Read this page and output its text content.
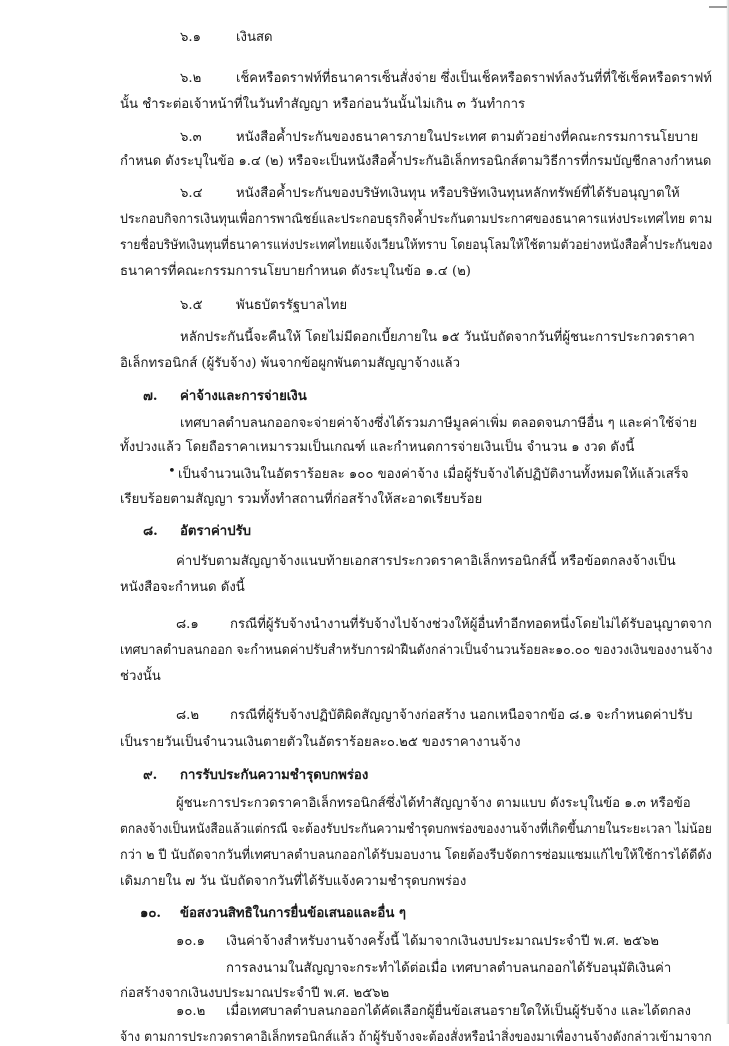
๖.๑	เงินสด
๖.๒	เช็คหรือดราฟท์ที่ธนาคารเซ็นสั่งจ่าย ซึ่งเป็นเช็คหรือดราฟท์ลงวันที่ที่ใช้เช็คหรือดราฟท์
นั้น ชำระต่อเจ้าหน้าที่ในวันทำสัญญา หรือก่อนวันนั้นไม่เกิน ๓ วันทำการ
๖.๓	หนังสือค้ำประกันของธนาคารภายในประเทศ ตามตัวอย่างที่คณะกรรมการนโยบาย
กำหนด ดังระบุในข้อ ๑.๔ (๒) หรือจะเป็นหนังสือค้ำประกันอิเล็กทรอนิกส์ตามวิธีการที่กรมบัญชีกลางกำหนด
๖.๔	หนังสือค้ำประกันของบริษัทเงินทุน หรือบริษัทเงินทุนหลักทรัพย์ที่ได้รับอนุญาตให้
ประกอบกิจการเงินทุนเพื่อการพาณิชย์และประกอบธุรกิจค้ำประกันตามประกาศของธนาคารแห่งประเทศไทย ตาม
รายชื่อบริษัทเงินทุนที่ธนาคารแห่งประเทศไทยแจ้งเวียนให้ทราบ โดยอนุโลมให้ใช้ตามตัวอย่างหนังสือค้ำประกันของ
ธนาคารที่คณะกรรมการนโยบายกำหนด ดังระบุในข้อ ๑.๔ (๒)
๖.๕	พันธบัตรรัฐบาลไทย
หลักประกันนี้จะคืนให้ โดยไม่มีดอกเบี้ยภายใน ๑๕ วันนับถัดจากวันที่ผู้ชนะการประกวดราคา
อิเล็กทรอนิกส์ (ผู้รับจ้าง) พ้นจากข้อผูกพันตามสัญญาจ้างแล้ว
๗. ค่าจ้างและการจ่ายเงิน
เทศบาลตำบลนกออกจะจ่ายค่าจ้างซึ่งได้รวมภาษีมูลค่าเพิ่ม ตลอดจนภาษีอื่น ๆ และค่าใช้จ่าย
ทั้งปวงแล้ว โดยถือราคาเหมารวมเป็นเกณฑ์ และกำหนดการจ่ายเงินเป็น จำนวน ๑ งวด ดังนี้
• เป็นจำนวนเงินในอัตราร้อยละ ๑๐๐ ของค่าจ้าง เมื่อผู้รับจ้างได้ปฏิบัติงานทั้งหมดให้แล้วเสร็จ
เรียบร้อยตามสัญญา รวมทั้งทำสถานที่ก่อสร้างให้สะอาดเรียบร้อย
๘. อัตราค่าปรับ
ค่าปรับตามสัญญาจ้างแนบท้ายเอกสารประกวดราคาอิเล็กทรอนิกส์นี้ หรือข้อตกลงจ้างเป็น
หนังสือจะกำหนด ดังนี้
๘.๑ กรณีที่ผู้รับจ้างนำงานที่รับจ้างไปจ้างช่วงให้ผู้อื่นทำอีกทอดหนึ่งโดยไม่ได้รับอนุญาตจาก
เทศบาลตำบลนกออก จะกำหนดค่าปรับสำหรับการฝ่าฝืนดังกล่าวเป็นจำนวนร้อยละ๑๐.๐๐ ของวงเงินของงานจ้าง
ช่วงนั้น
๘.๒ กรณีที่ผู้รับจ้างปฏิบัติผิดสัญญาจ้างก่อสร้าง นอกเหนือจากข้อ ๘.๑ จะกำหนดค่าปรับ
เป็นรายวันเป็นจำนวนเงินตายตัวในอัตราร้อยละ๐.๒๕ ของราคางานจ้าง
๙. การรับประกันความชำรุดบกพร่อง
ผู้ชนะการประกวดราคาอิเล็กทรอนิกส์ซึ่งได้ทำสัญญาจ้าง ตามแบบ ดังระบุในข้อ ๑.๓ หรือข้อ
ตกลงจ้างเป็นหนังสือแล้วแต่กรณี จะต้องรับประกันความชำรุดบกพร่องของงานจ้างที่เกิดขึ้นภายในระยะเวลา ไม่น้อย
กว่า ๒ ปี นับถัดจากวันที่เทศบาลตำบลนกออกได้รับมอบงาน โดยต้องรีบจัดการซ่อมแซมแก้ไขให้ใช้การได้ดีดัง
เดิมภายใน ๗ วัน นับถัดจากวันที่ได้รับแจ้งความชำรุดบกพร่อง
๑๐. ข้อสงวนสิทธิในการยื่นข้อเสนอและอื่น ๆ
๑๐.๑ เงินค่าจ้างสำหรับงานจ้างครั้งนี้ ได้มาจากเงินงบประมาณประจำปี พ.ศ. ๒๕๖๒
การลงนามในสัญญาจะกระทำได้ต่อเมื่อ เทศบาลตำบลนกออกได้รับอนุมัติเงินค่า
ก่อสร้างจากเงินงบประมาณประจำปี พ.ศ. ๒๕๖๒
๑๐.๒ เมื่อเทศบาลตำบลนกออกได้คัดเลือกผู้ยื่นข้อเสนอรายใดให้เป็นผู้รับจ้าง และได้ตกลง
จ้าง ตามการประกวดราคาอิเล็กทรอนิกส์แล้ว ถ้าผู้รับจ้างจะต้องสั่งหรือนำสิ่งของมาเพื่องานจ้างดังกล่าวเข้ามาจาก
